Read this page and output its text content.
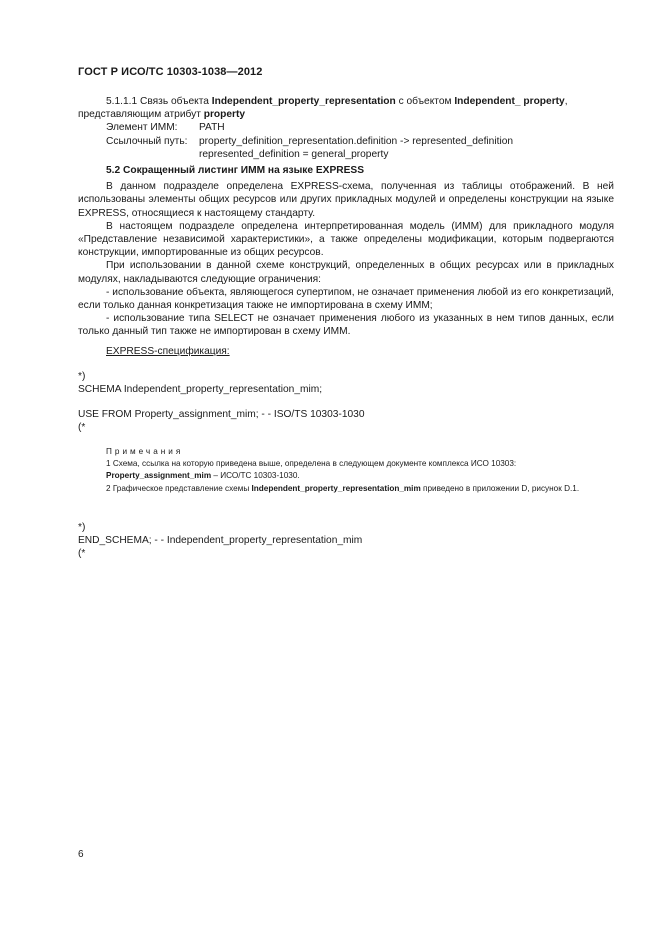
ГОСТ Р ИСО/ТС 10303-1038—2012

5.1.1.1 Связь объекта Independent_property_representation с объектом Independent_ property,

представляющим атрибут property

Элемент ИММ:	PATH
Ссылочный путь:	property_definition_representation.definition -> represented_definition
represented_definition = general_property

5.2 Сокращенный листинг ИММ на языке EXPRESS

В данном подразделе определена EXPRESS-схема, полученная из таблицы отображений. В ней использованы элементы общих ресурсов или других прикладных модулей и определены конструкции на языке EXPRESS, относящиеся к настоящему стандарту.

В настоящем подразделе определена интерпретированная модель (ИММ) для прикладного модуля «Представление независимой характеристики», а также определены модификации, которым подвергаются конструкции, импортированные из общих ресурсов.

При использовании в данной схеме конструкций, определенных в общих ресурсах или в прикладных модулях, накладываются следующие ограничения:

- использование объекта, являющегося супертипом, не означает применения любой из его конкретизаций, если только данная конкретизация также не импортирована в схему ИММ;

- использование типа SELECT не означает применения любого из указанных в нем типов данных, если только данный тип также не импортирован в схему ИММ.

EXPRESS-спецификация:
*)
SCHEMA Independent_property_representation_mim;
USE FROM Property_assignment_mim; - - ISO/TS 10303-1030
(*

Примечания

1 Схема, ссылка на которую приведена выше, определена в следующем документе комплекса ИСО 10303:

Property_assignment_mim – ИСО/ТС 10303-1030.

2 Графическое представление схемы Independent_property_representation_mim приведено в приложении D, рисунок D.1.

*)
END_SCHEMA; - - Independent_property_representation_mim
(*
6
